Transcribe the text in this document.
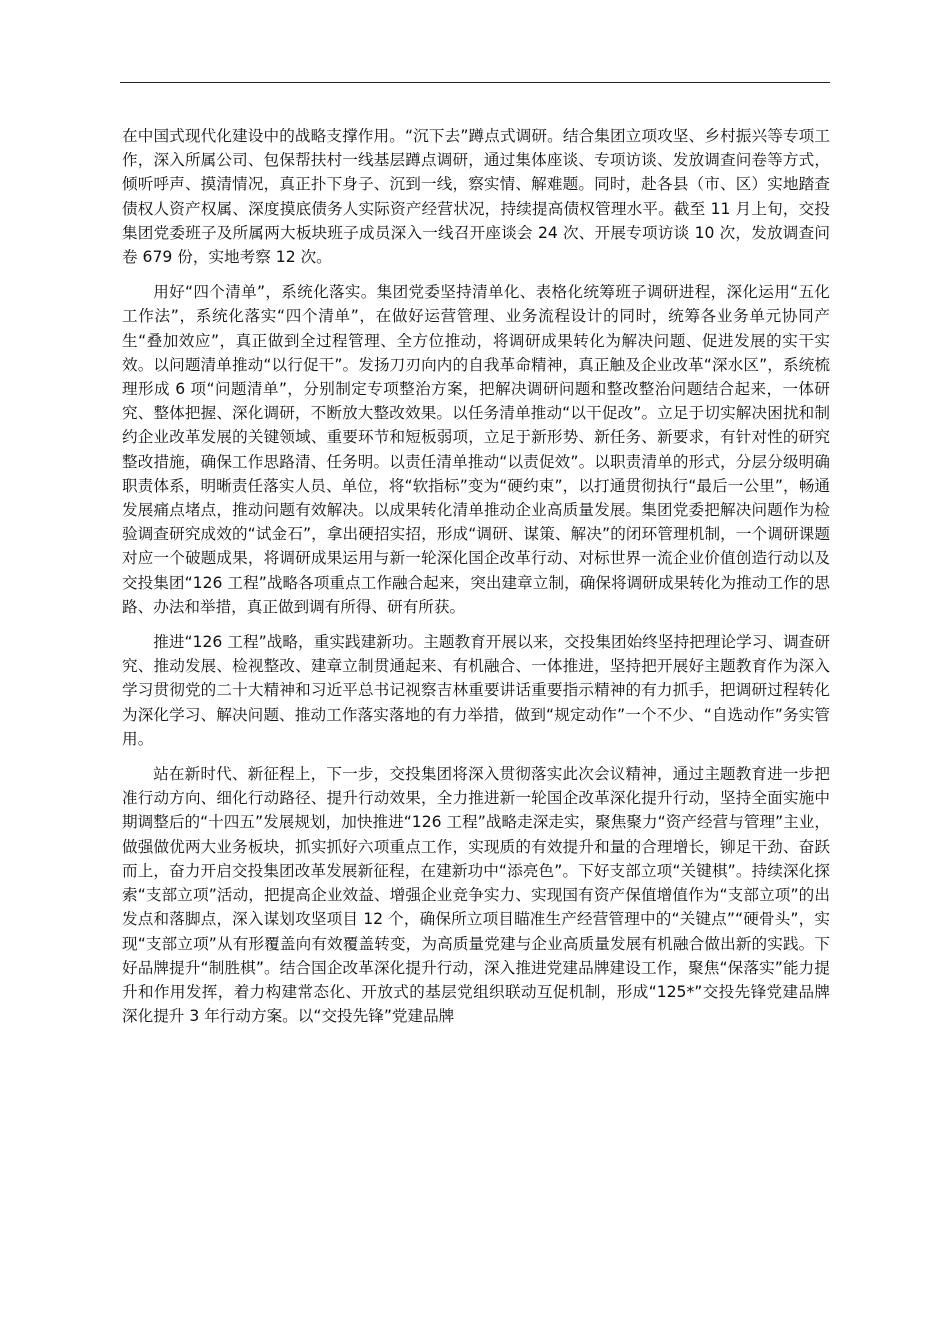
在中国式现代化建设中的战略支撑作用。“沉下去”蹲点式调研。结合集团立项攻坚、乡村振兴等专项工作，深入所属公司、包保帮扶村一线基层蹲点调研，通过集体座谈、专项访谈、发放调查问卷等方式，倾听呼声、摸清情况，真正扑下身子、沉到一线，察实情、解难题。同时，赴各县（市、区）实地踏查债权人资产权属、深度摸底债务人实际资产经营状况，持续提高债权管理水平。截至 11 月上旬，交投集团党委班子及所属两大板块班子成员深入一线召开座谈会 24 次、开展专项访谈 10 次，发放调查问卷 679 份，实地考察 12 次。

用好“四个清单”，系统化落实。集团党委坚持清单化、表格化统筹班子调研进程，深化运用“五化工作法”，系统化落实“四个清单”，在做好运营管理、业务流程设计的同时，统筹各业务单元协同产生“叠加效应”，真正做到全过程管理、全方位推动，将调研成果转化为解决问题、促进发展的实干实效。以问题清单推动“以行促干”。发扬刀刃向内的自我革命精神，真正触及企业改革“深水区”，系统梳理形成 6 项“问题清单”，分别制定专项整治方案，把解决调研问题和整改整治问题结合起来，一体研究、整体把握、深化调研，不断放大整改效果。以任务清单推动“以干促改”。立足于切实解决困扰和制约企业改革发展的关键领域、重要环节和短板弱项，立足于新形势、新任务、新要求，有针对性的研究整改措施，确保工作思路清、任务明。以责任清单推动“以责促效”。以职责清单的形式，分层分级明确职责体系，明晰责任落实人员、单位，将“软指标”变为“硬约束”，以打通贯彻执行“最后一公里”，畅通发展痛点堵点，推动问题有效解决。以成果转化清单推动企业高质量发展。集团党委把解决问题作为检验调查研究成效的“试金石”，拿出硬招实招，形成“调研、谋策、解决”的闭环管理机制，一个调研课题对应一个破题成果，将调研成果运用与新一轮深化国企改革行动、对标世界一流企业价值创造行动以及交投集团“126 工程”战略各项重点工作融合起来，突出建章立制，确保将调研成果转化为推动工作的思路、办法和举措，真正做到调有所得、研有所获。

推进“126 工程”战略，重实践建新功。主题教育开展以来，交投集团始终坚持把理论学习、调查研究、推动发展、检视整改、建章立制贯通起来、有机融合、一体推进，坚持把开展好主题教育作为深入学习贯彻党的二十大精神和习近平总书记视察吉林重要讲话重要指示精神的有力抓手，把调研过程转化为深化学习、解决问题、推动工作落实落地的有力举措，做到“规定动作”一个不少、“自选动作”务实管用。

站在新时代、新征程上，下一步，交投集团将深入贯彻落实此次会议精神，通过主题教育进一步把准行动方向、细化行动路径、提升行动效果，全力推进新一轮国企改革深化提升行动，坚持全面实施中期调整后的“十四五”发展规划，加快推进“126 工程”战略走深走实，聚焦聚力“资产经营与管理”主业，做强做优两大业务板块，抓实抓好六项重点工作，实现质的有效提升和量的合理增长，铆足干劲、奋跃而上，奋力开启交投集团改革发展新征程，在建新功中“添亮色”。下好支部立项“关键棋”。持续深化探索“支部立项”活动，把提高企业效益、增强企业竞争实力、实现国有资产保值增值作为“支部立项”的出发点和落脚点，深入谋划攻坚项目 12 个，确保所立项目瞄准生产经营管理中的“关键点”“硬骨头”，实现“支部立项”从有形覆盖向有效覆盖转变，为高质量党建与企业高质量发展有机融合做出新的实践。下好品牌提升“制胜棋”。结合国企改革深化提升行动，深入推进党建品牌建设工作，聚焦“保落实”能力提升和作用发挥，着力构建常态化、开放式的基层党组织联动互促机制，形成“125*”交投先锋党建品牌深化提升 3 年行动方案。以“交投先锋”党建品牌
